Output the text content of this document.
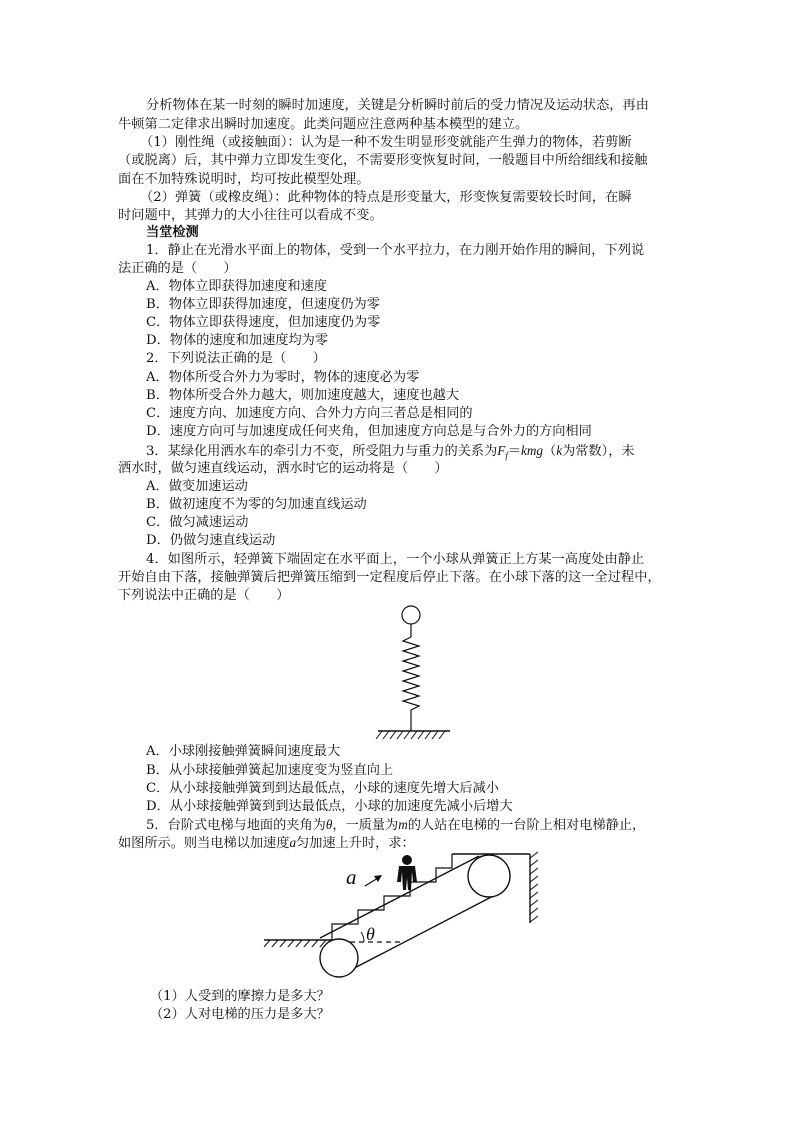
分析物体在某一时刻的瞬时加速度，关键是分析瞬时前后的受力情况及运动状态，再由

牛顿第二定律求出瞬时加速度。此类问题应注意两种基本模型的建立。

（1）刚性绳（或接触面）：认为是一种不发生明显形变就能产生弹力的物体，若剪断

（或脱离）后，其中弹力立即发生变化，不需要形变恢复时间，一般题目中所给细线和接触

面在不加特殊说明时，均可按此模型处理。

（2）弹簧（或橡皮绳）：此种物体的特点是形变量大，形变恢复需要较长时间，在瞬

时问题中，其弹力的大小往往可以看成不变。

当堂检测

1．静止在光滑水平面上的物体，受到一个水平拉力，在力刚开始作用的瞬间，下列说

法正确的是（　　）

A．物体立即获得加速度和速度

B．物体立即获得加速度，但速度仍为零

C．物体立即获得速度，但加速度仍为零

D．物体的速度和加速度均为零

2．下列说法正确的是（　　）

A．物体所受合外力为零时，物体的速度必为零

B．物体所受合外力越大，则加速度越大，速度也越大

C．速度方向、加速度方向、合外力方向三者总是相同的

D．速度方向可与加速度成任何夹角，但加速度方向总是与合外力的方向相同

3．某绿化用洒水车的牵引力不变，所受阻力与重力的关系为$F_f=kmg(k$为常数），未

洒水时，做匀速直线运动，洒水时它的运动将是（　　）

A．做变加速运动

B．做初速度不为零的匀加速直线运动

C．做匀减速运动

D．仍做匀速直线运动

4．如图所示，轻弹簧下端固定在水平面上，一个小球从弹簧正上方某一高度处由静止

开始自由下落，接触弹簧后把弹簧压缩到一定程度后停止下落。在小球下落的这一全过程中，

下列说法中正确的是（　　）

A．小球刚接触弹簧瞬间速度最大

B．从小球接触弹簧起加速度变为竖直向上

C．从小球接触弹簧到到达最低点，小球的速度先增大后减小

D．从小球接触弹簧到到达最低点，小球的加速度先减小后增大

5．台阶式电梯与地面的夹角为θ，一质量为m的人站在电梯的一台阶上相对电梯静止，

如图所示。则当电梯以加速度a匀加速上升时，求：

θ
a

（1）人受到的摩擦力是多大？

（2）人对电梯的压力是多大？
